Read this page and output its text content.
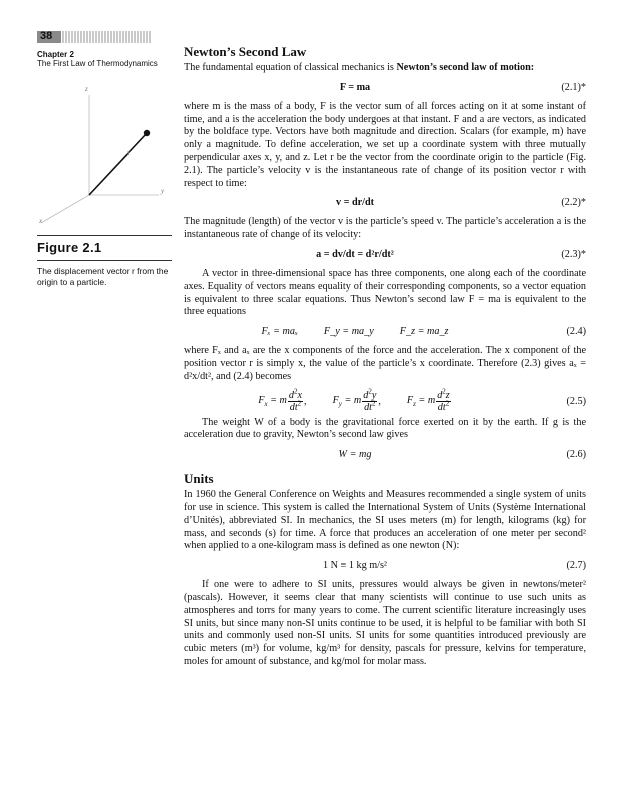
38
Chapter 2
The First Law of Thermodynamics
z
y
x
r
Figure 2.1
The displacement vector r from the origin to a particle.
Newton’s Second Law

The fundamental equation of classical mechanics is Newton’s second law of motion:

F = ma	(2.1)*

where m is the mass of a body, F is the vector sum of all forces acting on it at some instant of time, and a is the acceleration the body undergoes at that instant. F and a are vectors, as indicated by the boldface type. Vectors have both magnitude and direction. Scalars (for example, m) have only a magnitude. To define acceleration, we set up a coordinate system with three mutually perpendicular axes x, y, and z. Let r be the vector from the coordinate origin to the particle (Fig. 2.1). The particle’s velocity v is the instantaneous rate of change of its position vector r with respect to time:

v = dr/dt	(2.2)*

The magnitude (length) of the vector v is the particle’s speed v. The particle’s acceleration a is the instantaneous rate of change of its velocity:

a = dv/dt = d²r/dt²	(2.3)*

A vector in three-dimensional space has three components, one along each of the coordinate axes. Equality of vectors means equality of their corresponding components, so a vector equation is equivalent to three scalar equations. Thus Newton’s second law F = ma is equivalent to the three equations

Fₓ = maₓ	F_y = ma_y	F_z = ma_z	(2.4)

where Fₓ and aₓ are the x components of the force and the acceleration. The x component of the position vector r is simply x, the value of the particle’s x coordinate. Therefore (2.3) gives aₓ = d²x/dt², and (2.4) becomes

$F_x = m \frac{d^2x}{dt^2}$ ,	$F_y = m \frac{d^2y}{dt^2}$ ,	$F_z = m \frac{d^2z}{dt^2}$	(2.5)

The weight W of a body is the gravitational force exerted on it by the earth. If g is the acceleration due to gravity, Newton’s second law gives

W = mg	(2.6)
Units

In 1960 the General Conference on Weights and Measures recommended a single system of units for use in science. This system is called the International System of Units (Système International d’Unités), abbreviated SI. In mechanics, the SI uses meters (m) for length, kilograms (kg) for mass, and seconds (s) for time. A force that produces an acceleration of one meter per second² when applied to a one-kilogram mass is defined as one newton (N):

1 N ≡ 1 kg m/s²	(2.7)

If one were to adhere to SI units, pressures would always be given in newtons/meter² (pascals). However, it seems clear that many scientists will continue to use such units as atmospheres and torrs for many years to come. The current scientific literature increasingly uses SI units, but since many non-SI units continue to be used, it is helpful to be familiar with both SI units and commonly used non-SI units. SI units for some quantities introduced previously are cubic meters (m³) for volume, kg/m³ for density, pascals for pressure, kelvins for temperature, moles for amount of substance, and kg/mol for molar mass.
